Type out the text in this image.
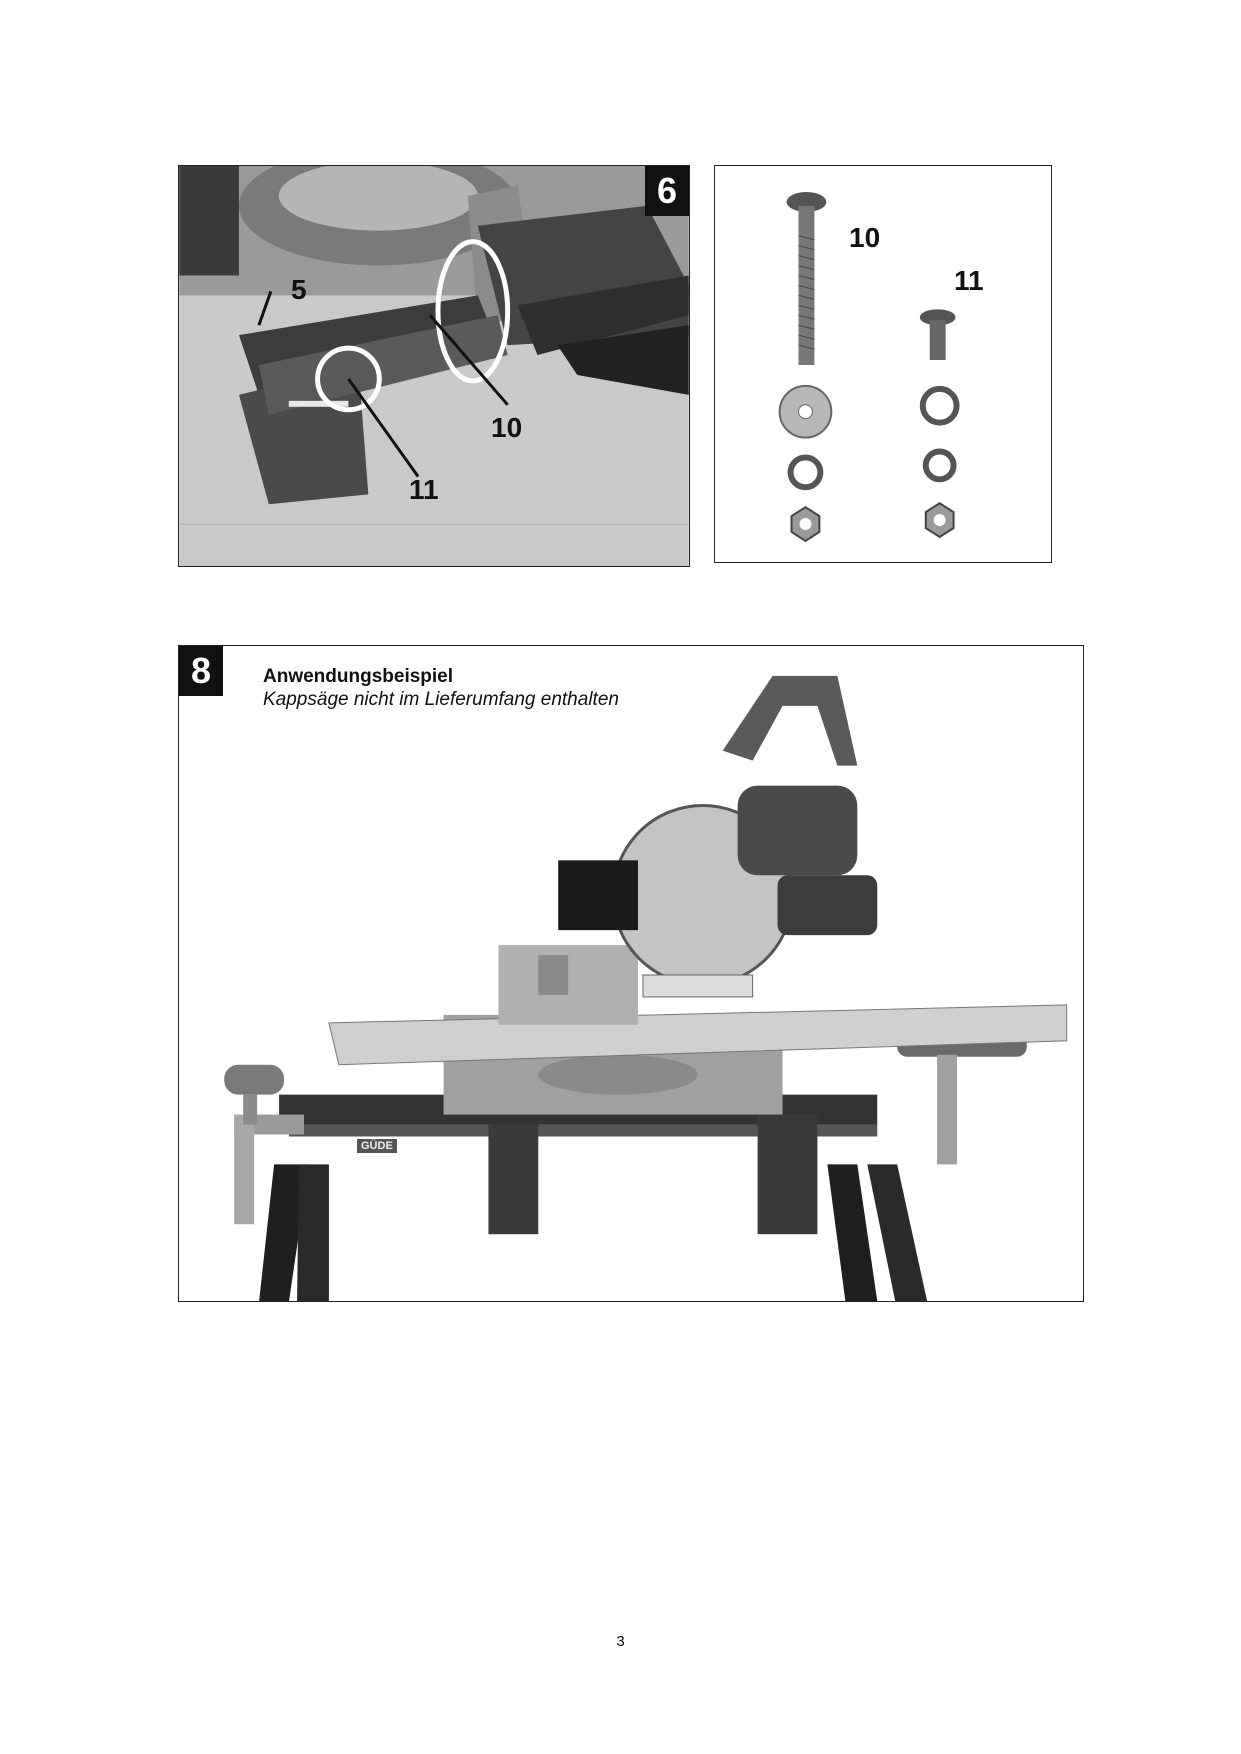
6
5
10
11
10
11
8	Anwendungsbeispiel
Kappsäge nicht im Lieferumfang enthalten
GÜDE
3
